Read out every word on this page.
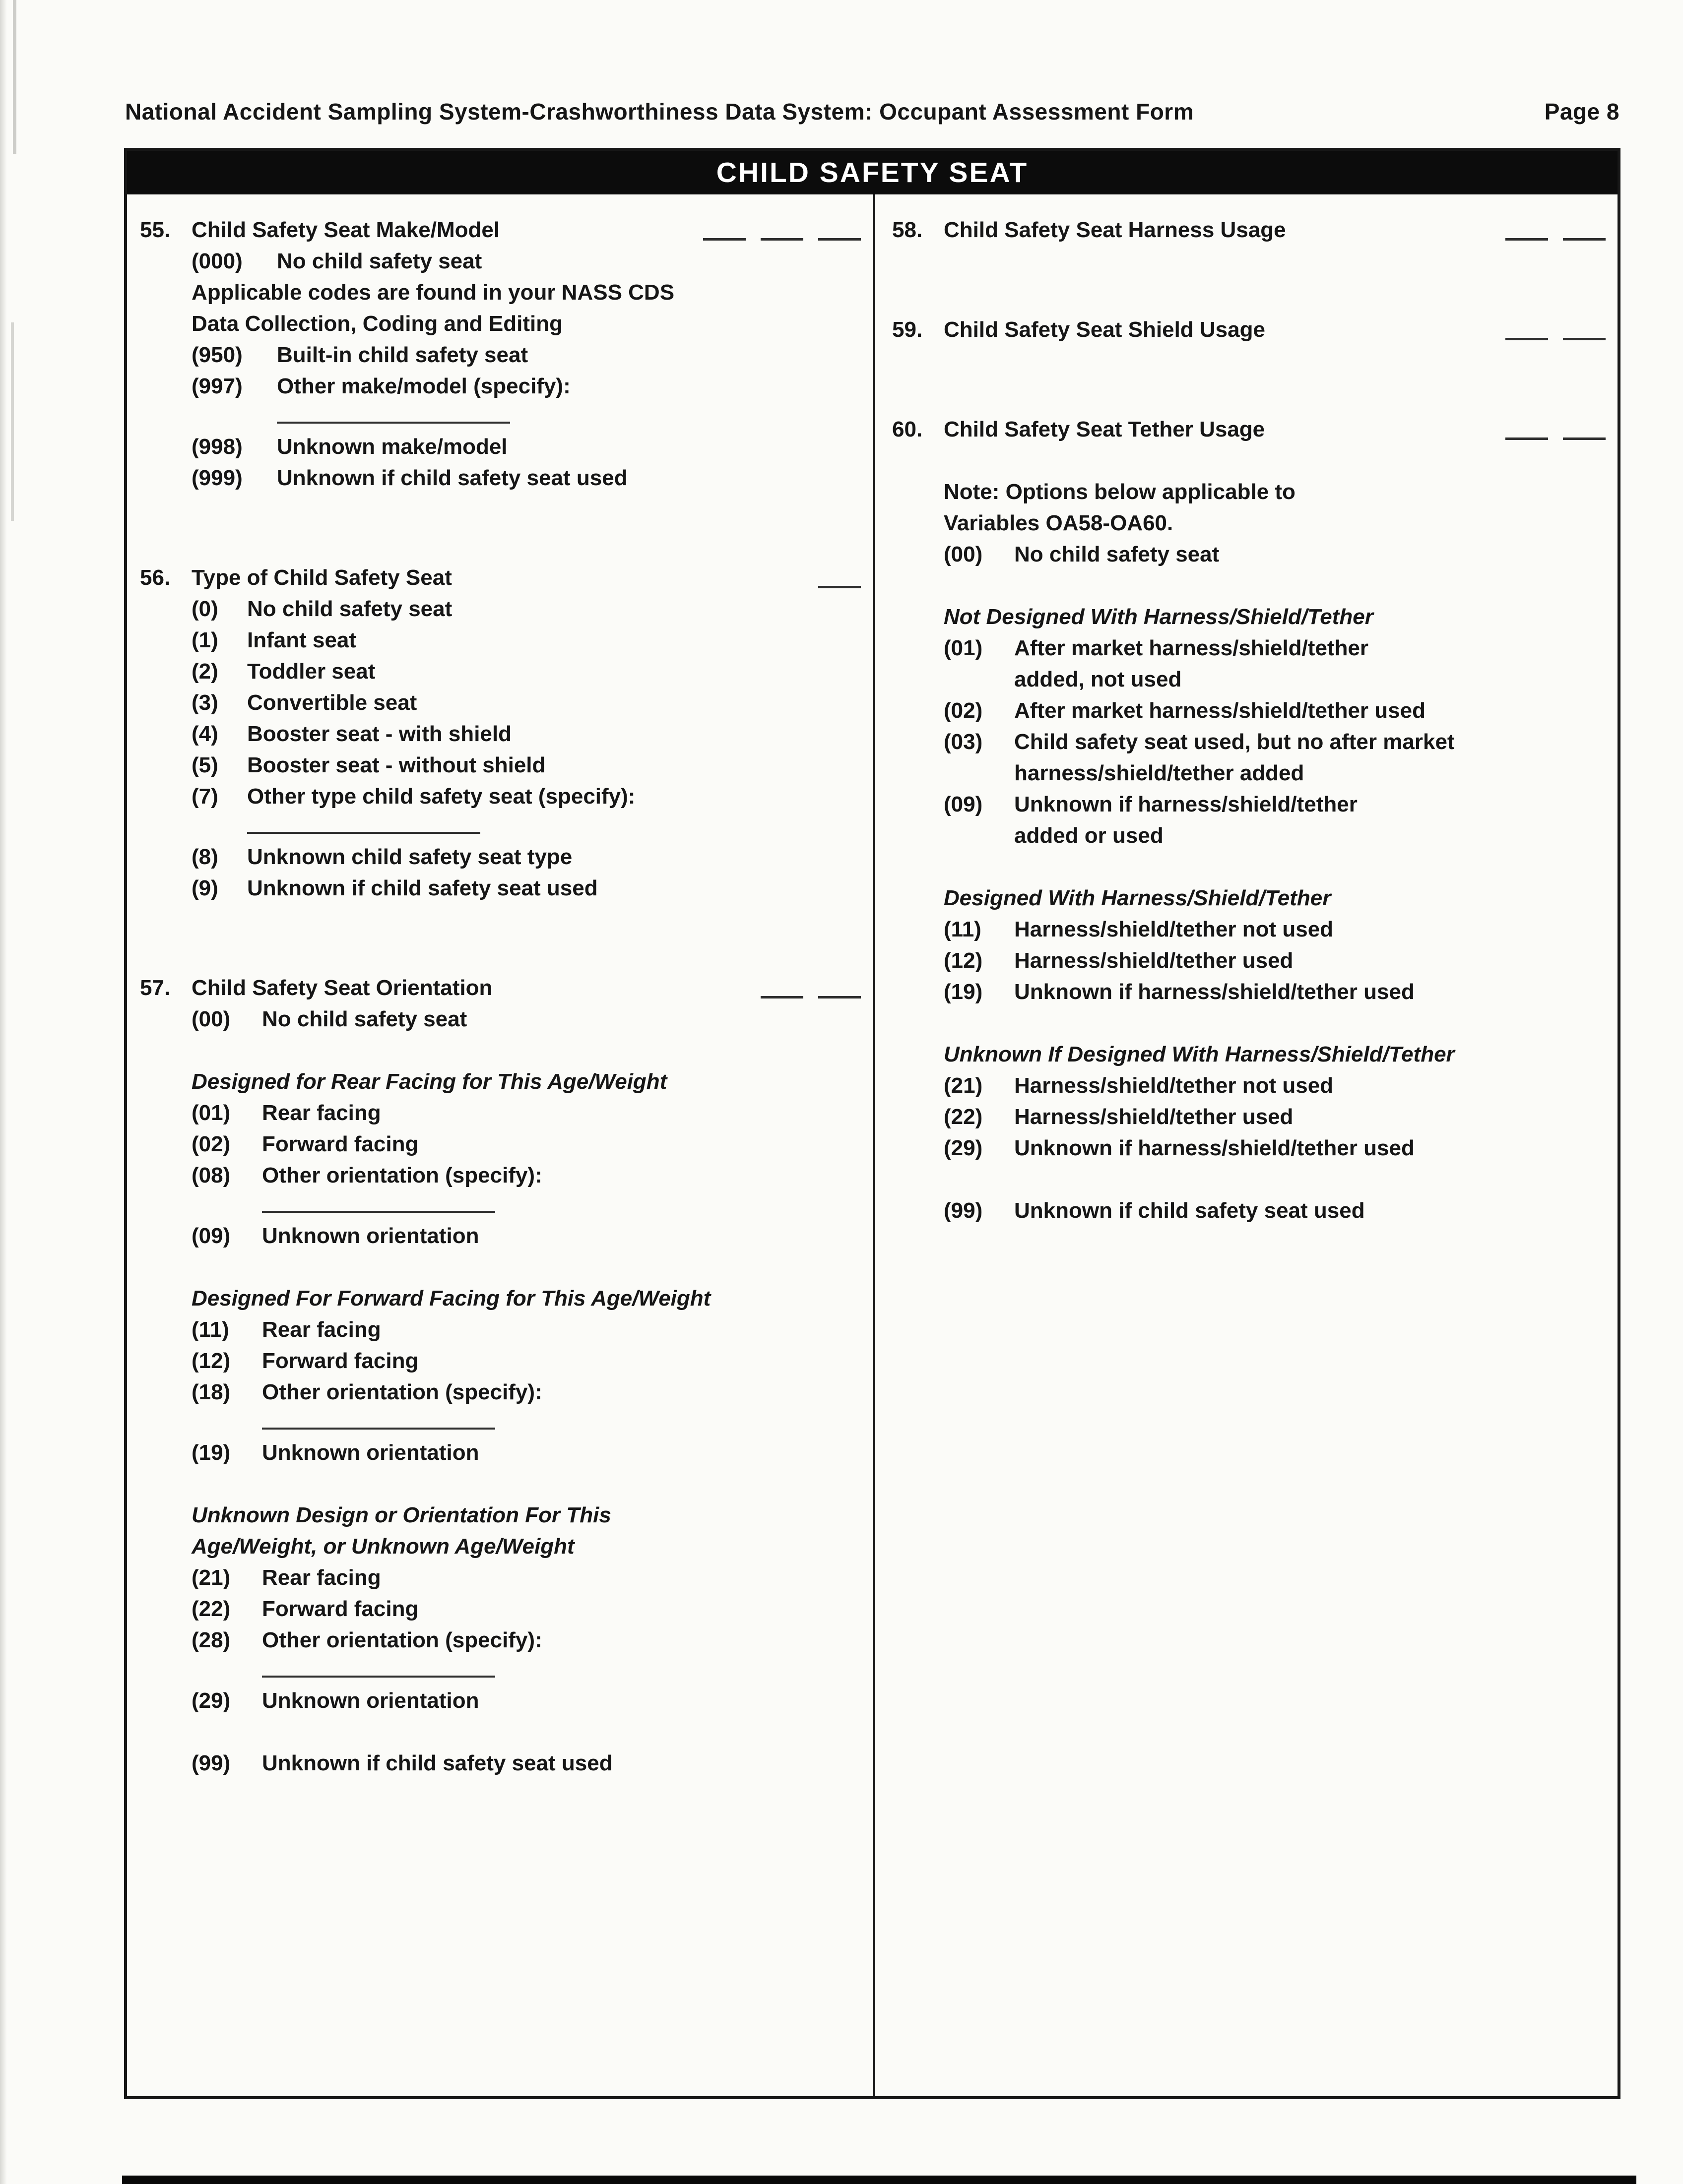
National Accident Sampling System-Crashworthiness Data System: Occupant Assessment Form	Page 8
CHILD SAFETY SEAT
55. Child Safety Seat Make/Model
(000)	No child safety seat
Applicable codes are found in your NASS CDS
Data Collection, Coding and Editing
(950)	Built-in child safety seat
(997)	Other make/model (specify):
(998)	Unknown make/model
(999)	Unknown if child safety seat used
56. Type of Child Safety Seat
(0)	No child safety seat
(1)	Infant seat
(2)	Toddler seat
(3)	Convertible seat
(4)	Booster seat - with shield
(5)	Booster seat - without shield
(7)	Other type child safety seat (specify):
(8)	Unknown child safety seat type
(9)	Unknown if child safety seat used
57. Child Safety Seat Orientation
(00)	No child safety seat
Designed for Rear Facing for This Age/Weight
(01)	Rear facing
(02)	Forward facing
(08)	Other orientation (specify):
(09)	Unknown orientation
Designed For Forward Facing for This Age/Weight
(11)	Rear facing
(12)	Forward facing
(18)	Other orientation (specify):
(19)	Unknown orientation
Unknown Design or Orientation For This
Age/Weight, or Unknown Age/Weight
(21)	Rear facing
(22)	Forward facing
(28)	Other orientation (specify):
(29)	Unknown orientation
(99)	Unknown if child safety seat used
58. Child Safety Seat Harness Usage
59. Child Safety Seat Shield Usage
60. Child Safety Seat Tether Usage
Note: Options below applicable to
Variables OA58-OA60.
(00)	No child safety seat
Not Designed With Harness/Shield/Tether
(01)	After market harness/shield/tether
added, not used
(02)	After market harness/shield/tether used
(03)	Child safety seat used, but no after market
harness/shield/tether added
(09)	Unknown if harness/shield/tether
added or used
Designed With Harness/Shield/Tether
(11)	Harness/shield/tether not used
(12)	Harness/shield/tether used
(19)	Unknown if harness/shield/tether used
Unknown If Designed With Harness/Shield/Tether
(21)	Harness/shield/tether not used
(22)	Harness/shield/tether used
(29)	Unknown if harness/shield/tether used
(99)	Unknown if child safety seat used
